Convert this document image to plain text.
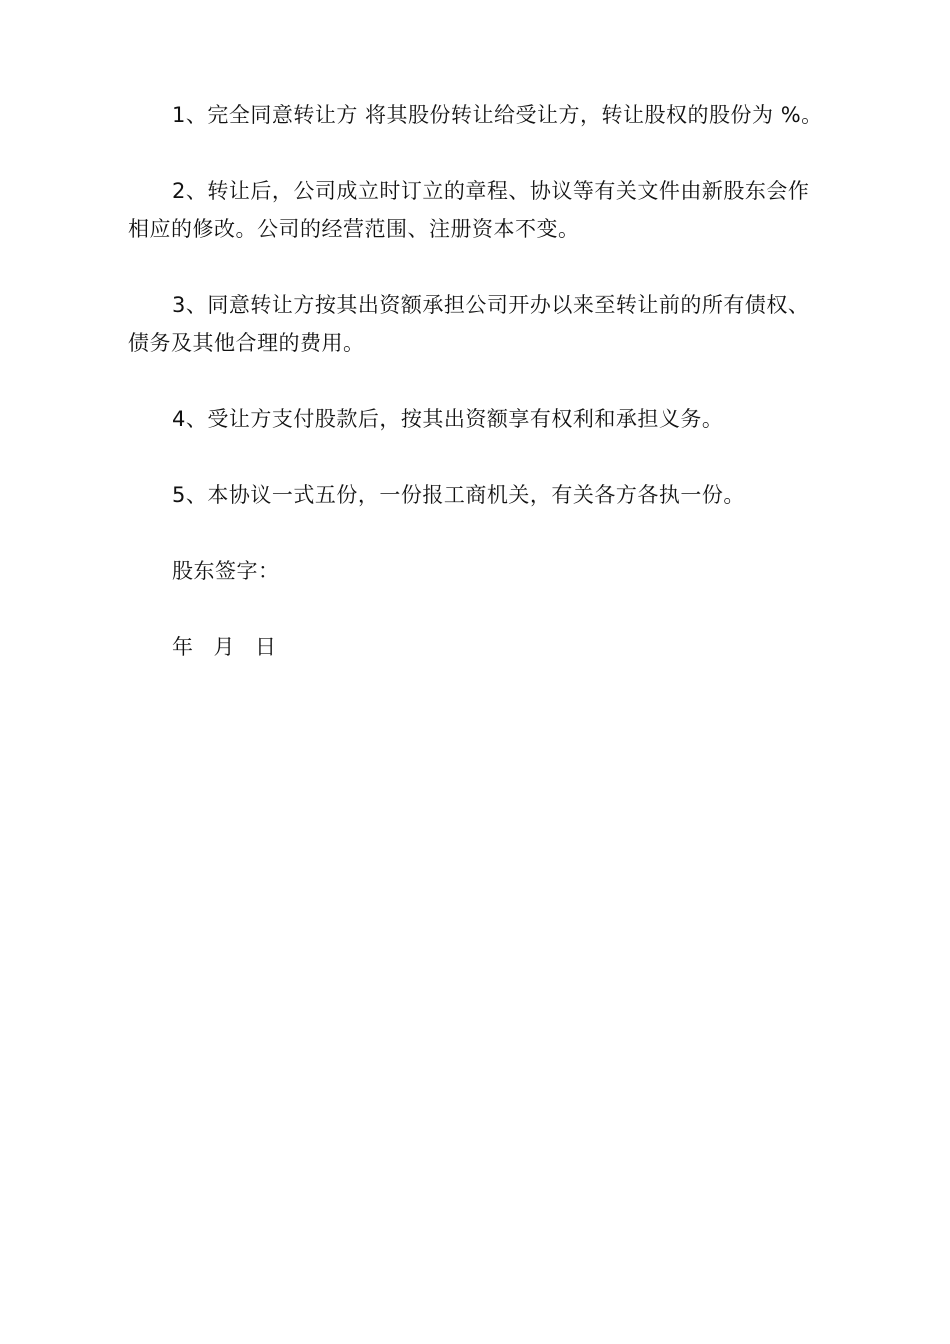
1、完全同意转让方 将其股份转让给受让方，转让股权的股份为 %。

2、转让后，公司成立时订立的章程、协议等有关文件由新股东会作相应的修改。公司的经营范围、注册资本不变。

3、同意转让方按其出资额承担公司开办以来至转让前的所有债权、债务及其他合理的费用。

4、受让方支付股款后，按其出资额享有权利和承担义务。

5、本协议一式五份，一份报工商机关，有关各方各执一份。

股东签字：

年 月 日
